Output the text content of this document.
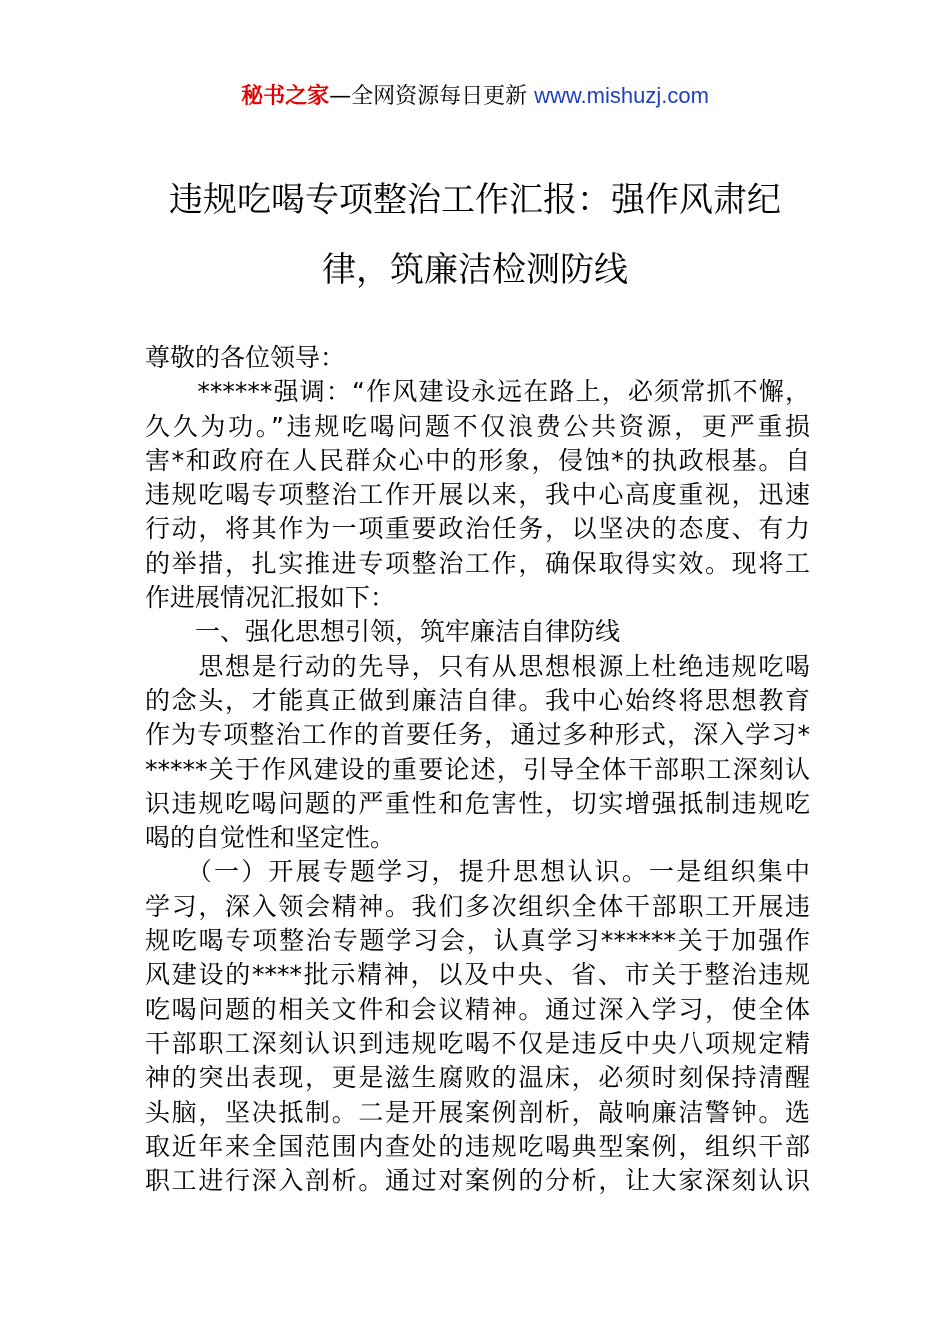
秘书之家—全网资源每日更新 www.mishuzj.com
违规吃喝专项整治工作汇报：强作风肃纪
律，筑廉洁检测防线
尊敬的各位领导：
　　******强调：“作风建设永远在路上，必须常抓不懈，
久久为功。”违规吃喝问题不仅浪费公共资源，更严重损
害*和政府在人民群众心中的形象，侵蚀*的执政根基。自
违规吃喝专项整治工作开展以来，我中心高度重视，迅速
行动，将其作为一项重要政治任务，以坚决的态度、有力
的举措，扎实推进专项整治工作，确保取得实效。现将工
作进展情况汇报如下：
　　一、强化思想引领，筑牢廉洁自律防线
　　思想是行动的先导，只有从思想根源上杜绝违规吃喝
的念头，才能真正做到廉洁自律。我中心始终将思想教育
作为专项整治工作的首要任务，通过多种形式，深入学习*
*****关于作风建设的重要论述，引导全体干部职工深刻认
识违规吃喝问题的严重性和危害性，切实增强抵制违规吃
喝的自觉性和坚定性。
　　（一）开展专题学习，提升思想认识。一是组织集中
学习，深入领会精神。我们多次组织全体干部职工开展违
规吃喝专项整治专题学习会，认真学习******关于加强作
风建设的****批示精神，以及中央、省、市关于整治违规
吃喝问题的相关文件和会议精神。通过深入学习，使全体
干部职工深刻认识到违规吃喝不仅是违反中央八项规定精
神的突出表现，更是滋生腐败的温床，必须时刻保持清醒
头脑，坚决抵制。二是开展案例剖析，敲响廉洁警钟。选
取近年来全国范围内查处的违规吃喝典型案例，组织干部
职工进行深入剖析。通过对案例的分析，让大家深刻认识
